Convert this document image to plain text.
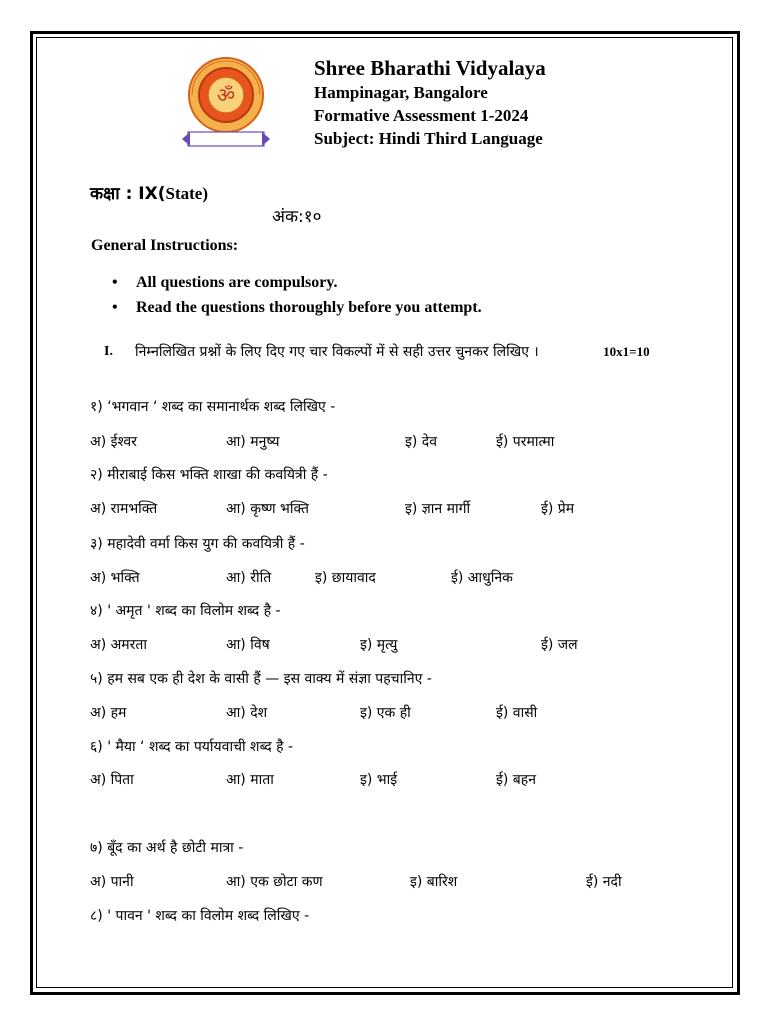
ॐ
Shree Bharathi Vidyalaya
Hampinagar, Bangalore
Formative Assessment 1-2024
Subject: Hindi Third Language
कक्षा : IX(State)
अंक:१०
General Instructions:
• All questions are compulsory.
• Read the questions thoroughly before you attempt.
I. निम्नलिखित प्रश्नों के लिए दिए गए चार विकल्पों में से सही उत्तर चुनकर लिखिए ।	10x1=10
१) ‘भगवान ‘ शब्द का समानार्थक शब्द लिखिए -
अ) ईश्वर	आ) मनुष्य	इ) देव	ई) परमात्मा
२) मीराबाई किस भक्ति शाखा की कवयित्री हैं -
अ) रामभक्ति	आ) कृष्ण भक्ति	इ) ज्ञान मार्गी	ई) प्रेम
३) महादेवी वर्मा किस युग की कवयित्री हैं -
अ) भक्ति	आ) रीति	इ) छायावाद	ई) आधुनिक
४) ' अमृत ' शब्द का विलोम शब्द है -
अ) अमरता	आ) विष	इ) मृत्यु	ई) जल
५) हम सब एक ही देश के वासी हैं — इस वाक्य में संज्ञा पहचानिए -
अ) हम	आ) देश	इ) एक ही	ई) वासी
६) ' मैया ‘ शब्द का पर्यायवाची शब्द है -
अ) पिता	आ) माता	इ) भाई	ई) बहन
७) बूँद का अर्थ है छोटी मात्रा -
अ) पानी	आ) एक छोटा कण	इ) बारिश	ई) नदी
८) ' पावन ' शब्द का विलोम शब्द लिखिए -
